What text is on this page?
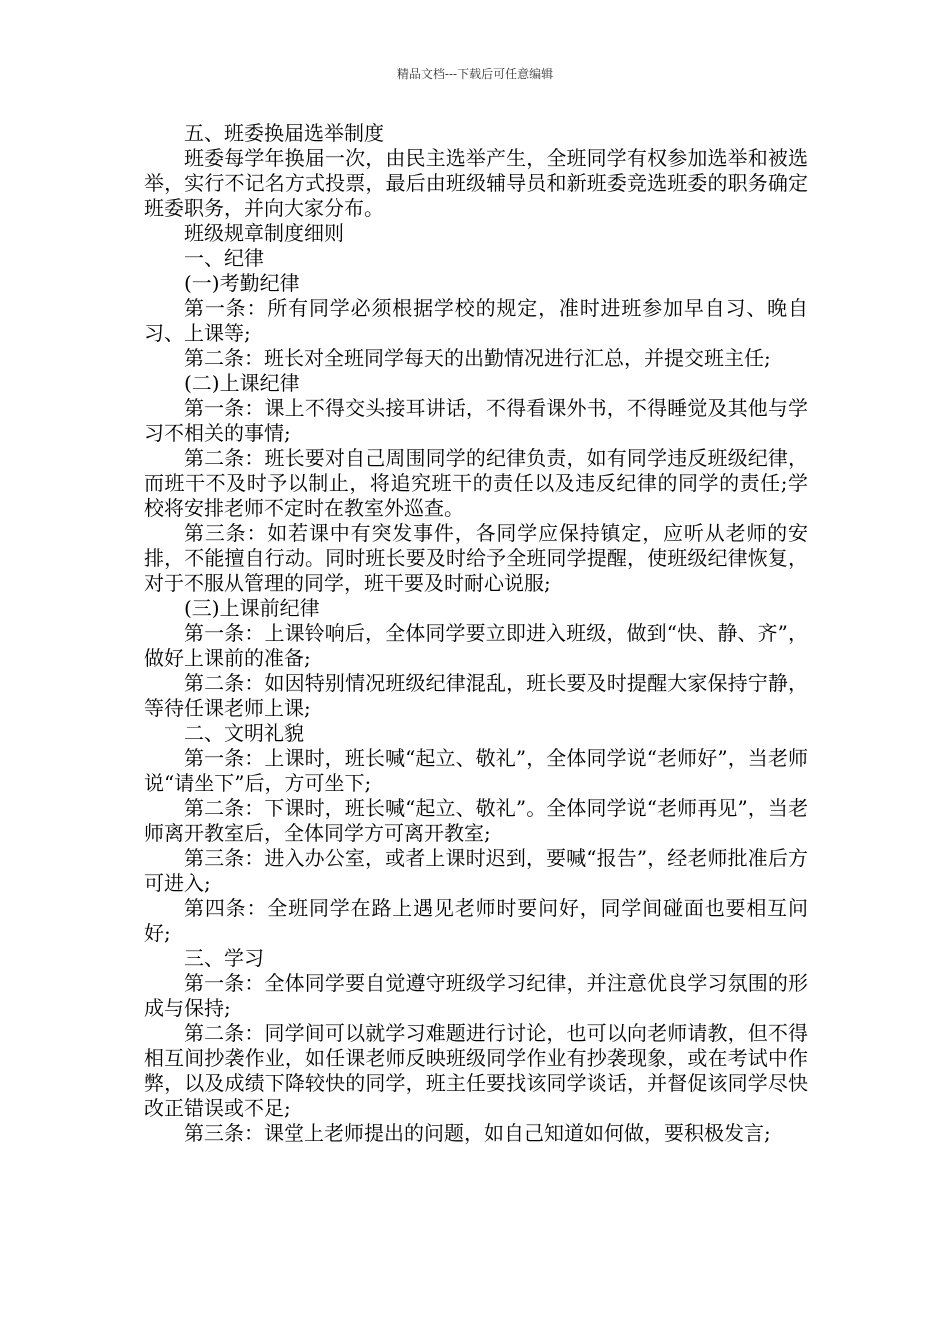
精品文档---下载后可任意编辑

五、班委换届选举制度

班委每学年换届一次，由民主选举产生，全班同学有权参加选举和被选举，实行不记名方式投票，最后由班级辅导员和新班委竞选班委的职务确定班委职务，并向大家分布。

班级规章制度细则

一、纪律

(一)考勤纪律

第一条：所有同学必须根据学校的规定，准时进班参加早自习、晚自习、上课等;

第二条：班长对全班同学每天的出勤情况进行汇总，并提交班主任;

(二)上课纪律

第一条：课上不得交头接耳讲话，不得看课外书，不得睡觉及其他与学习不相关的事情;

第二条：班长要对自己周围同学的纪律负责，如有同学违反班级纪律，而班干不及时予以制止，将追究班干的责任以及违反纪律的同学的责任;学校将安排老师不定时在教室外巡查。

第三条：如若课中有突发事件，各同学应保持镇定，应听从老师的安排，不能擅自行动。同时班长要及时给予全班同学提醒，使班级纪律恢复，对于不服从管理的同学，班干要及时耐心说服;

(三)上课前纪律

第一条：上课铃响后，全体同学要立即进入班级，做到“快、静、齐”，做好上课前的准备;

第二条：如因特别情况班级纪律混乱，班长要及时提醒大家保持宁静，等待任课老师上课;

二、文明礼貌

第一条：上课时，班长喊“起立、敬礼”，全体同学说“老师好”，当老师说“请坐下”后，方可坐下;

第二条：下课时，班长喊“起立、敬礼”。全体同学说“老师再见”，当老师离开教室后，全体同学方可离开教室;

第三条：进入办公室，或者上课时迟到，要喊“报告”，经老师批准后方可进入;

第四条：全班同学在路上遇见老师时要问好，同学间碰面也要相互问好;

三、学习

第一条：全体同学要自觉遵守班级学习纪律，并注意优良学习氛围的形成与保持;

第二条：同学间可以就学习难题进行讨论，也可以向老师请教，但不得相互间抄袭作业，如任课老师反映班级同学作业有抄袭现象，或在考试中作弊，以及成绩下降较快的同学，班主任要找该同学谈话，并督促该同学尽快改正错误或不足;

第三条：课堂上老师提出的问题，如自己知道如何做，要积极发言;
